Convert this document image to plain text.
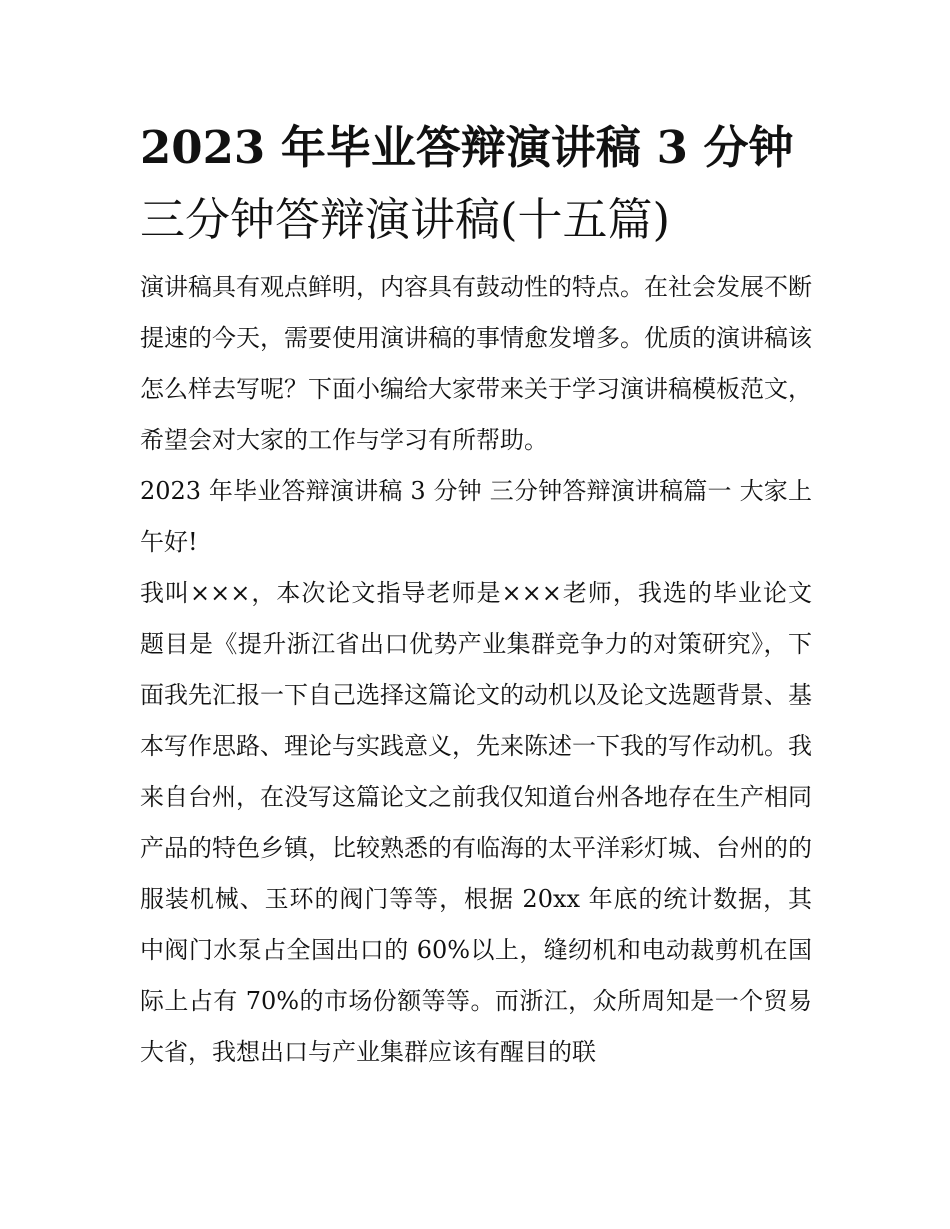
2023 年毕业答辩演讲稿 3 分钟
三分钟答辩演讲稿(十五篇)

演讲稿具有观点鲜明，内容具有鼓动性的特点。在社会发展不断提速的今天，需要使用演讲稿的事情愈发增多。优质的演讲稿该怎么样去写呢？下面小编给大家带来关于学习演讲稿模板范文，希望会对大家的工作与学习有所帮助。

2023 年毕业答辩演讲稿 3 分钟 三分钟答辩演讲稿篇一 大家上午好!

我叫×××，本次论文指导老师是×××老师，我选的毕业论文题目是《提升浙江省出口优势产业集群竞争力的对策研究》，下面我先汇报一下自己选择这篇论文的动机以及论文选题背景、基本写作思路、理论与实践意义，先来陈述一下我的写作动机。我来自台州，在没写这篇论文之前我仅知道台州各地存在生产相同产品的特色乡镇，比较熟悉的有临海的太平洋彩灯城、台州的的服装机械、玉环的阀门等等，根据 20xx 年底的统计数据，其中阀门水泵占全国出口的 60%以上，缝纫机和电动裁剪机在国际上占有 70%的市场份额等等。而浙江，众所周知是一个贸易大省，我想出口与产业集群应该有醒目的联
